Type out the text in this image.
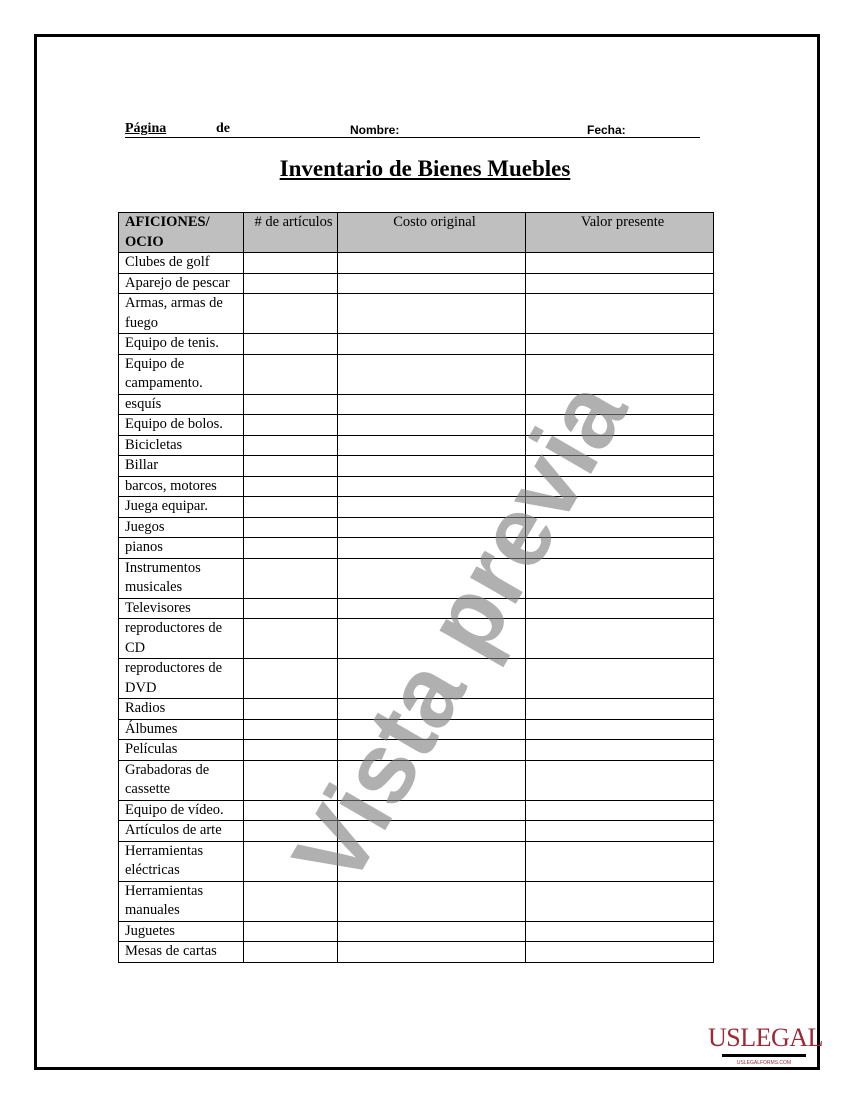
Página	de	Nombre:	Fecha:
Inventario de Bienes Muebles
AFICIONES/ OCIO	# de artículos	Costo original	Valor presente
Clubes de golf			
Aparejo de pescar			
Armas, armas de fuego			
Equipo de tenis.			
Equipo de campamento.			
esquís			
Equipo de bolos.			
Bicicletas			
Billar			
barcos, motores			
Juega equipar.			
Juegos			
pianos			
Instrumentos musicales			
Televisores			
reproductores de CD			
reproductores de DVD			
Radios			
Álbumes			
Películas			
Grabadoras de cassette			
Equipo de vídeo.			
Artículos de arte			
Herramientas eléctricas			
Herramientas manuales			
Juguetes			
Mesas de cartas			
Vista previa
USLEGAL
USLEGALFORMS.COM
